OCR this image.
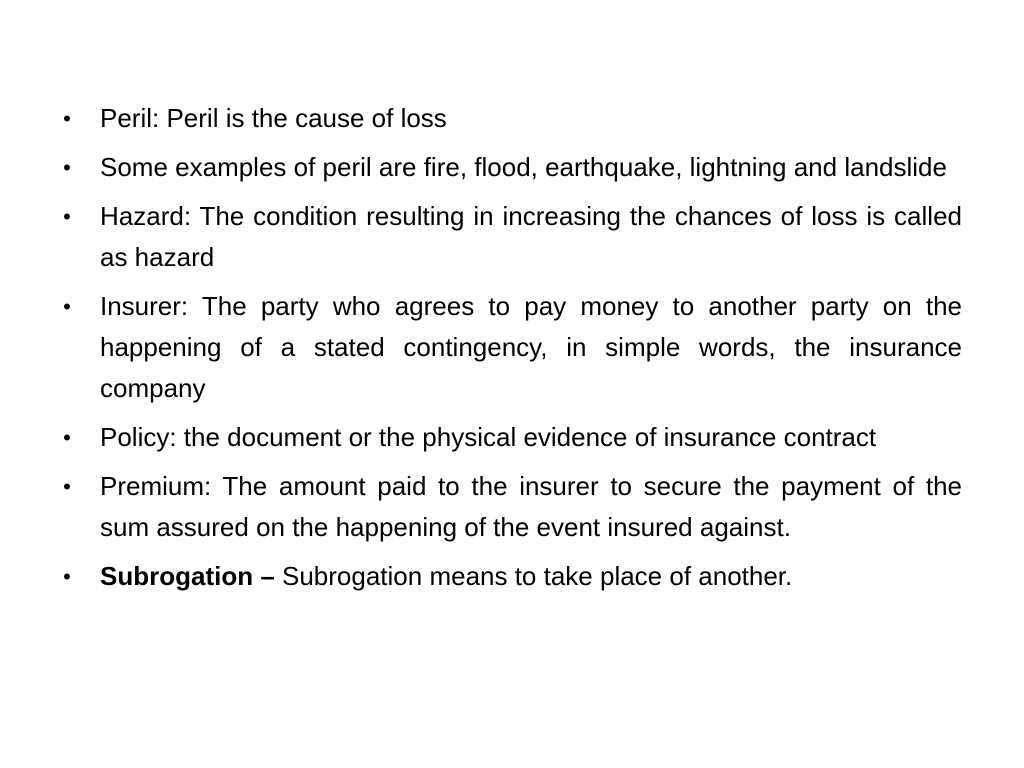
• Peril: Peril is the cause of loss
• Some examples of peril are fire, flood, earthquake, lightning and landslide
• Hazard: The condition resulting in increasing the chances of loss is called as hazard
• Insurer: The party who agrees to pay money to another party on the happening of a stated contingency, in simple words, the insurance company
• Policy: the document or the physical evidence of insurance contract
• Premium: The amount paid to the insurer to secure the payment of the sum assured on the happening of the event insured against.
• Subrogation – Subrogation means to take place of another.
